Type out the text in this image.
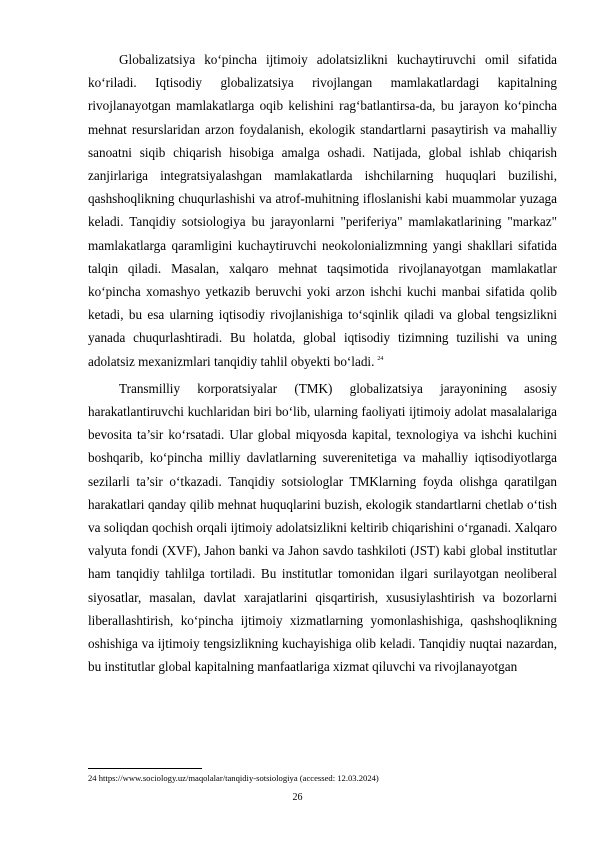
Globalizatsiya ko‘pincha ijtimoiy adolatsizlikni kuchaytiruvchi omil sifatida ko‘riladi. Iqtisodiy globalizatsiya rivojlangan mamlakatlardagi kapitalning rivojlanayotgan mamlakatlarga oqib kelishini rag‘batlantirsa-da, bu jarayon ko‘pincha mehnat resurslaridan arzon foydalanish, ekologik standartlarni pasaytirish va mahalliy sanoatni siqib chiqarish hisobiga amalga oshadi. Natijada, global ishlab chiqarish zanjirlariga integratsiyalashgan mamlakatlarda ishchilarning huquqlari buzilishi, qashshoqlikning chuqurlashishi va atrof-muhitning ifloslanishi kabi muammolar yuzaga keladi. Tanqidiy sotsiologiya bu jarayonlarni "periferiya" mamlakatlarining "markaz" mamlakatlarga qaramligini kuchaytiruvchi neokolonializmning yangi shakllari sifatida talqin qiladi. Masalan, xalqaro mehnat taqsimotida rivojlanayotgan mamlakatlar ko‘pincha xomashyo yetkazib beruvchi yoki arzon ishchi kuchi manbai sifatida qolib ketadi, bu esa ularning iqtisodiy rivojlanishiga to‘sqinlik qiladi va global tengsizlikni yanada chuqurlashtiradi. Bu holatda, global iqtisodiy tizimning tuzilishi va uning adolatsiz mexanizmlari tanqidiy tahlil obyekti bo‘ladi. $^{24}$

Transmilliy korporatsiyalar (TMK) globalizatsiya jarayonining asosiy harakatlantiruvchi kuchlaridan biri bo‘lib, ularning faoliyati ijtimoiy adolat masalalariga bevosita ta’sir ko‘rsatadi. Ular global miqyosda kapital, texnologiya va ishchi kuchini boshqarib, ko‘pincha milliy davlatlarning suverenitetiga va mahalliy iqtisodiyotlarga sezilarli ta’sir o‘tkazadi. Tanqidiy sotsiologlar TMKlarning foyda olishga qaratilgan harakatlari qanday qilib mehnat huquqlarini buzish, ekologik standartlarni chetlab o‘tish va soliqdan qochish orqali ijtimoiy adolatsizlikni keltirib chiqarishini o‘rganadi. Xalqaro valyuta fondi (XVF), Jahon banki va Jahon savdo tashkiloti (JST) kabi global institutlar ham tanqidiy tahlilga tortiladi. Bu institutlar tomonidan ilgari surilayotgan neoliberal siyosatlar, masalan, davlat xarajatlarini qisqartirish, xususiylashtirish va bozorlarni liberallashtirish, ko‘pincha ijtimoiy xizmatlarning yomonlashishiga, qashshoqlikning oshishiga va ijtimoiy tengsizlikning kuchayishiga olib keladi. Tanqidiy nuqtai nazardan, bu institutlar global kapitalning manfaatlariga xizmat qiluvchi va rivojlanayotgan

24 https://www.sociology.uz/maqolalar/tanqidiy-sotsiologiya (accessed: 12.03.2024)
26
